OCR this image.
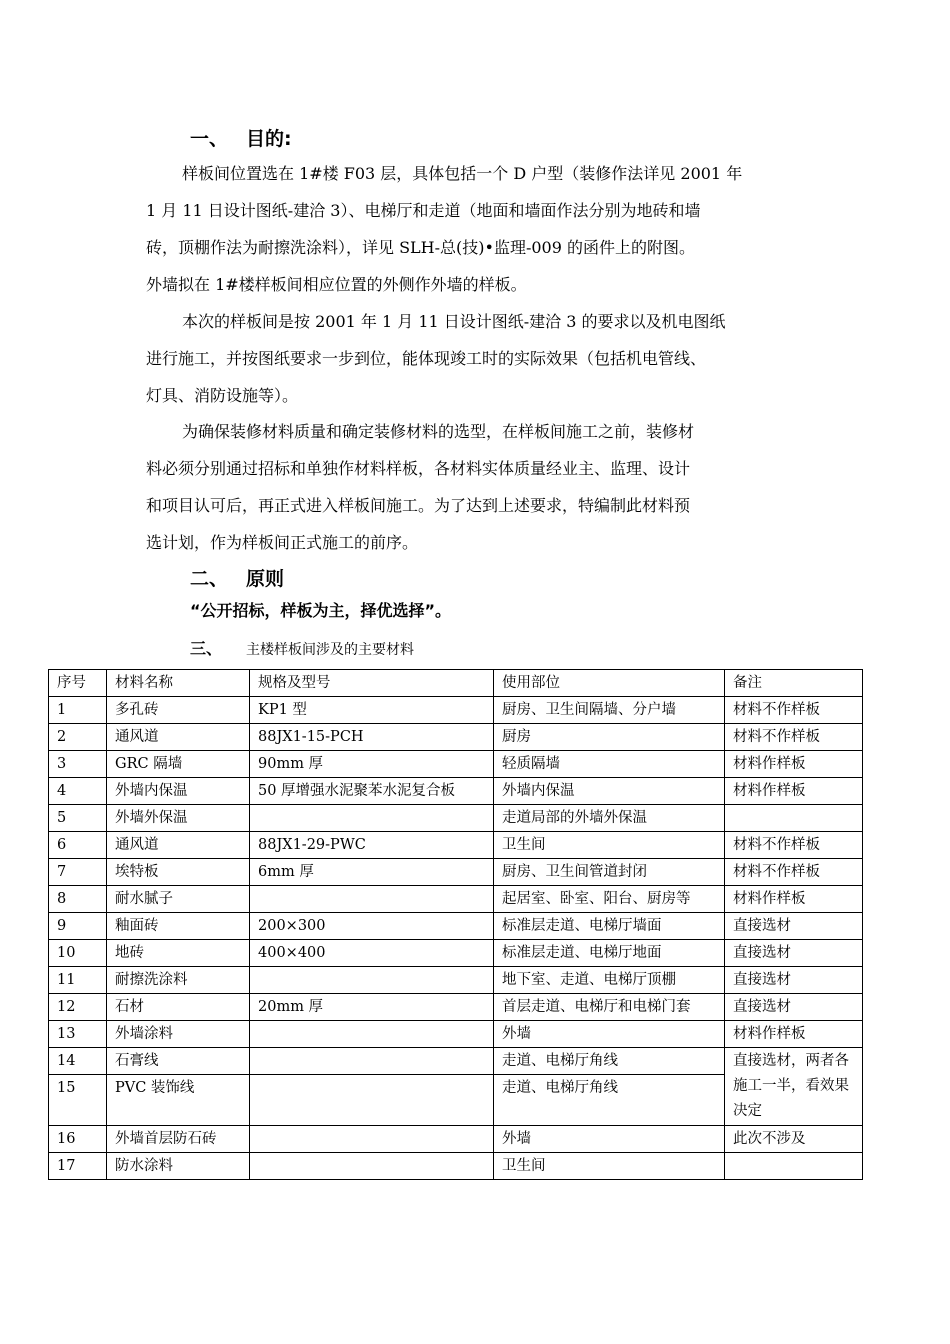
一、 目的:
样板间位置选在 1#楼 F03 层，具体包括一个 D 户型（装修作法详见 2001 年
1 月 11 日设计图纸-建洽 3）、电梯厅和走道（地面和墙面作法分别为地砖和墙
砖，顶棚作法为耐擦洗涂料），详见 SLH-总(技)•监理-009 的函件上的附图。
外墙拟在 1#楼样板间相应位置的外侧作外墙的样板。
本次的样板间是按 2001 年 1 月 11 日设计图纸-建洽 3 的要求以及机电图纸
进行施工，并按图纸要求一步到位，能体现竣工时的实际效果（包括机电管线、
灯具、消防设施等）。
为确保装修材料质量和确定装修材料的选型，在样板间施工之前，装修材
料必须分别通过招标和单独作材料样板，各材料实体质量经业主、监理、设计
和项目认可后，再正式进入样板间施工。为了达到上述要求，特编制此材料预
选计划，作为样板间正式施工的前序。
二、 原则
“公开招标，样板为主，择优选择”。
三、 主楼样板间涉及的主要材料
序号	材料名称	规格及型号	使用部位	备注
1	多孔砖	KP1 型	厨房、卫生间隔墙、分户墙	材料不作样板
2	通风道	88JX1-15-PCH	厨房	材料不作样板
3	GRC 隔墙	90mm 厚	轻质隔墙	材料作样板
4	外墙内保温	50 厚增强水泥聚苯水泥复合板	外墙内保温	材料作样板
5	外墙外保温		走道局部的外墙外保温	
6	通风道	88JX1-29-PWC	卫生间	材料不作样板
7	埃特板	6mm 厚	厨房、卫生间管道封闭	材料不作样板
8	耐水腻子		起居室、卧室、阳台、厨房等	材料作样板
9	釉面砖	200×300	标准层走道、电梯厅墙面	直接选材
10	地砖	400×400	标准层走道、电梯厅地面	直接选材
11	耐擦洗涂料		地下室、走道、电梯厅顶棚	直接选材
12	石材	20mm 厚	首层走道、电梯厅和电梯门套	直接选材
13	外墙涂料		外墙	材料作样板
14	石膏线		走道、电梯厅角线	直接选材，两者各施工一半，看效果决定
15	PVC 装饰线		走道、电梯厅角线	
16	外墙首层防石砖		外墙	此次不涉及
17	防水涂料		卫生间	
